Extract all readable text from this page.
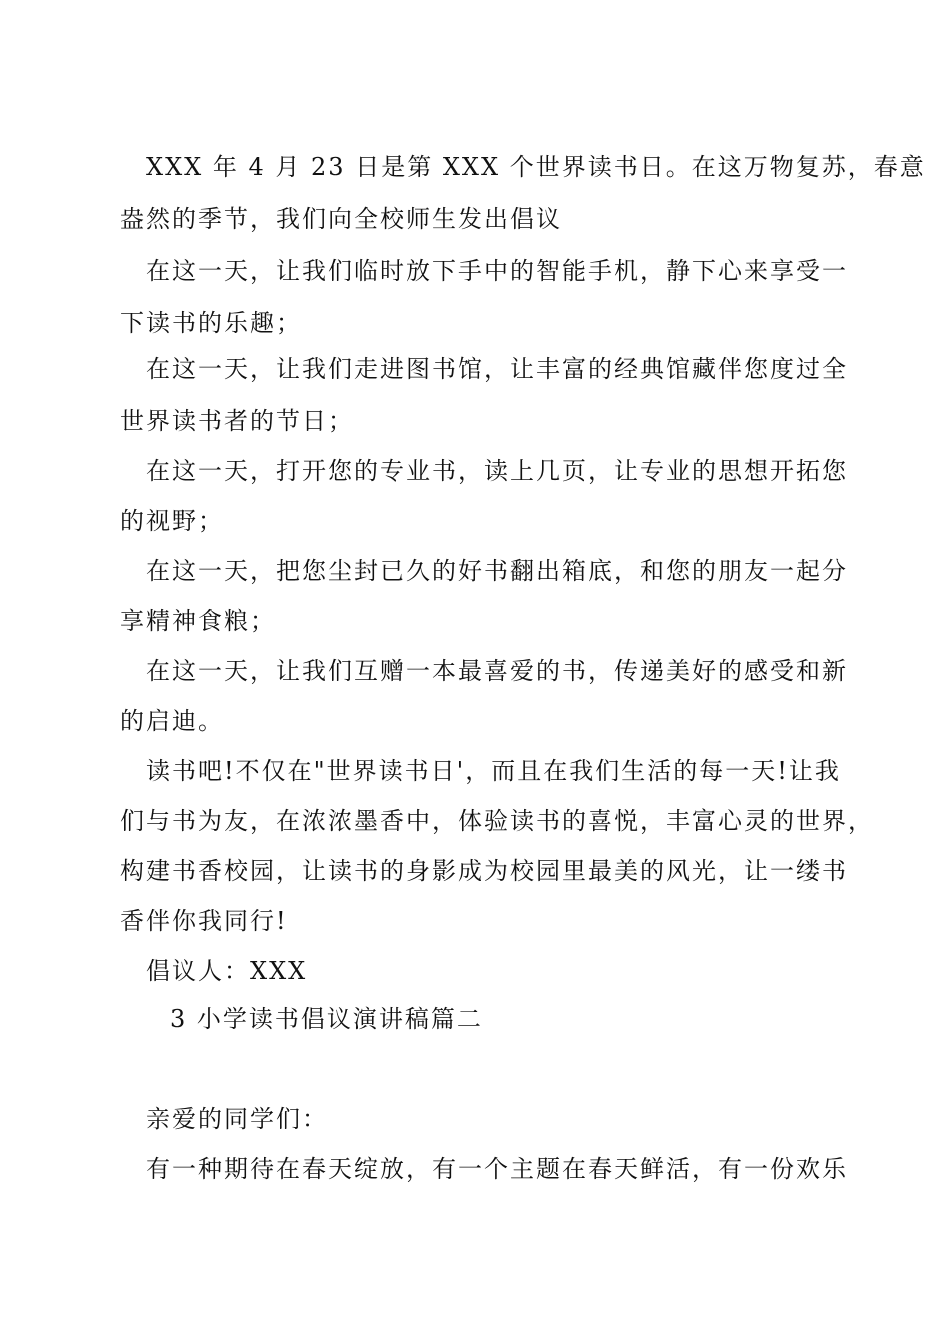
XXX 年 4 月 23 日是第 XXX 个世界读书日。在这万物复苏，春意

盎然的季节，我们向全校师生发出倡议

在这一天，让我们临时放下手中的智能手机，静下心来享受一

下读书的乐趣；

在这一天，让我们走进图书馆，让丰富的经典馆藏伴您度过全

世界读书者的节日；

在这一天，打开您的专业书，读上几页，让专业的思想开拓您

的视野；

在这一天，把您尘封已久的好书翻出箱底，和您的朋友一起分

享精神食粮；

在这一天，让我们互赠一本最喜爱的书，传递美好的感受和新

的启迪。

读书吧!不仅在"世界读书日'，而且在我们生活的每一天!让我

们与书为友，在浓浓墨香中，体验读书的喜悦，丰富心灵的世界，

构建书香校园，让读书的身影成为校园里最美的风光，让一缕书

香伴你我同行!

倡议人：XXX

3 小学读书倡议演讲稿篇二

亲爱的同学们：

有一种期待在春天绽放，有一个主题在春天鲜活，有一份欢乐
